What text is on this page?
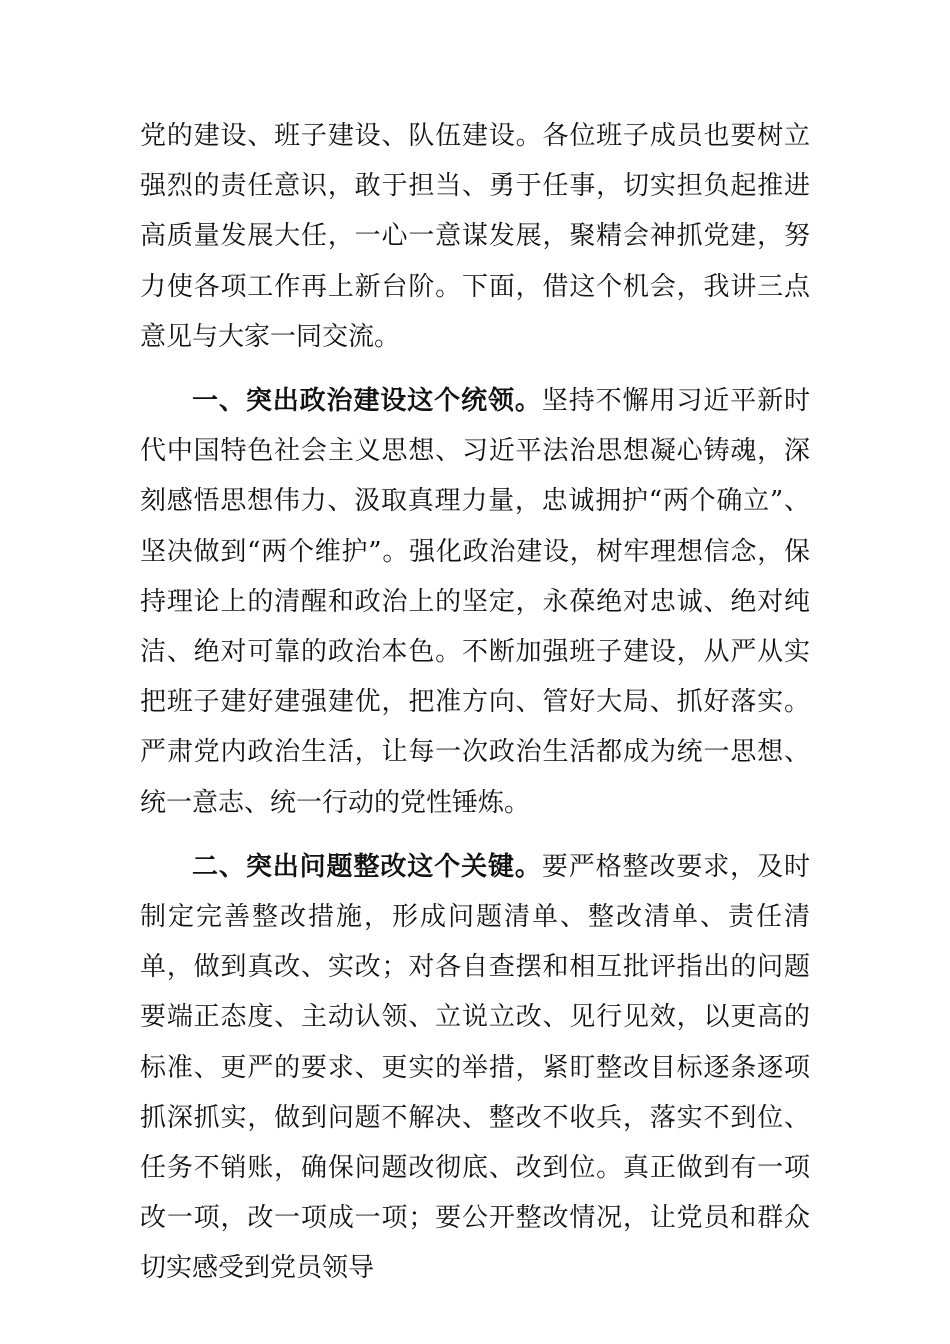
党的建设、班子建设、队伍建设。各位班子成员也要树立强烈的责任意识，敢于担当、勇于任事，切实担负起推进高质量发展大任，一心一意谋发展，聚精会神抓党建，努力使各项工作再上新台阶。下面，借这个机会，我讲三点意见与大家一同交流。

一、突出政治建设这个统领。坚持不懈用习近平新时代中国特色社会主义思想、习近平法治思想凝心铸魂，深刻感悟思想伟力、汲取真理力量，忠诚拥护“两个确立”、坚决做到“两个维护”。强化政治建设，树牢理想信念，保持理论上的清醒和政治上的坚定，永葆绝对忠诚、绝对纯洁、绝对可靠的政治本色。不断加强班子建设，从严从实把班子建好建强建优，把准方向、管好大局、抓好落实。严肃党内政治生活，让每一次政治生活都成为统一思想、统一意志、统一行动的党性锤炼。

二、突出问题整改这个关键。要严格整改要求，及时制定完善整改措施，形成问题清单、整改清单、责任清单，做到真改、实改；对各自查摆和相互批评指出的问题要端正态度、主动认领、立说立改、见行见效，以更高的标准、更严的要求、更实的举措，紧盯整改目标逐条逐项抓深抓实，做到问题不解决、整改不收兵，落实不到位、任务不销账，确保问题改彻底、改到位。真正做到有一项改一项，改一项成一项；要公开整改情况，让党员和群众切实感受到党员领导
